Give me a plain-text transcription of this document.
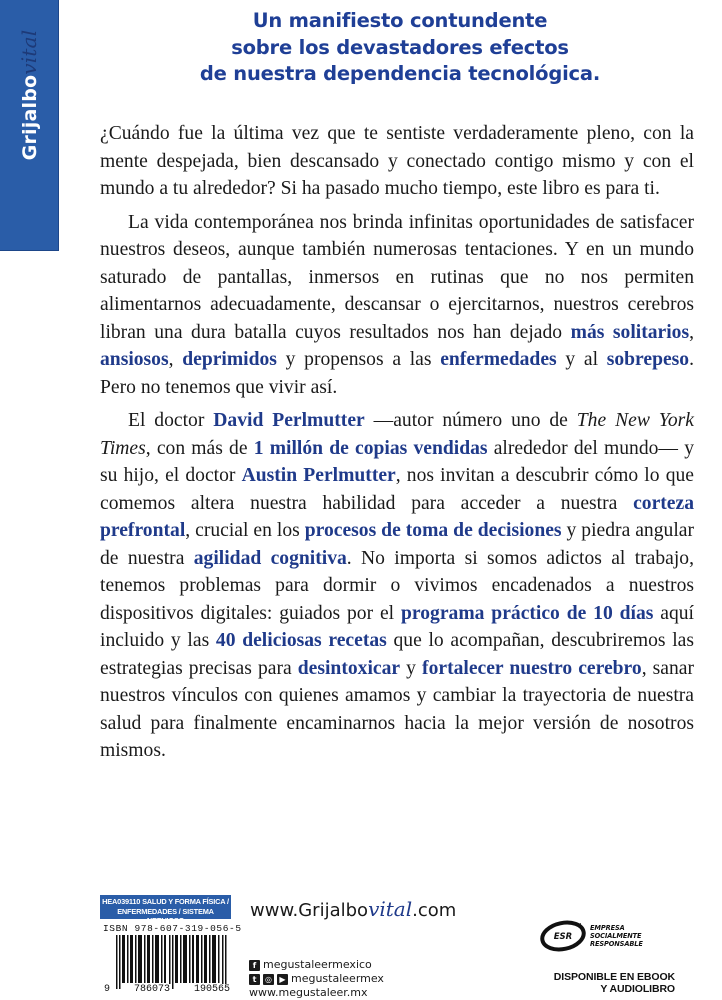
Grijalbovital
Un manifiesto contundente
sobre los devastadores efectos
de nuestra dependencia tecnológica.

¿Cuándo fue la última vez que te sentiste verdaderamente pleno, con la mente despejada, bien descansado y conectado contigo mismo y con el mundo a tu alrededor? Si ha pasado mucho tiempo, este libro es para ti.

La vida contemporánea nos brinda infinitas oportunidades de satisfacer nuestros deseos, aunque también numerosas tentaciones. Y en un mundo saturado de pantallas, inmersos en rutinas que no nos permiten alimentarnos adecuadamente, descansar o ejercitarnos, nuestros cerebros libran una dura batalla cuyos resultados nos han dejado más solitarios, ansiosos, deprimidos y propensos a las enfermedades y al sobrepeso. Pero no tenemos que vivir así.

El doctor David Perlmutter —autor número uno de The New York Times, con más de 1 millón de copias vendidas alrededor del mundo— y su hijo, el doctor Austin Perlmutter, nos invitan a descubrir cómo lo que comemos altera nuestra habilidad para acceder a nuestra corteza prefrontal, crucial en los procesos de toma de decisiones y piedra angular de nuestra agilidad cognitiva. No importa si somos adictos al trabajo, tenemos problemas para dormir o vivimos encadenados a nuestros dispositivos digitales: guiados por el programa práctico de 10 días aquí incluido y las 40 deliciosas recetas que lo acompañan, descubriremos las estrategias precisas para desintoxicar y fortalecer nuestro cerebro, sanar nuestros vínculos con quienes amamos y cambiar la trayectoria de nuestra salud para finalmente encaminarnos hacia la mejor versión de nosotros mismos.

HEA039110 SALUD Y FORMA FÍSICA /
ENFERMEDADES / SISTEMA NERVIOSO
ISBN 978-607-319-056-5
9 786073 190565
www.Grijalbovital.com
f megustaleermexico
t	◎ ▶ megustaleermex
www.megustaleer.mx
ESR
EMPRESA
SOCIALMENTE
RESPONSABLE
DISPONIBLE EN EBOOK
Y AUDIOLIBRO
